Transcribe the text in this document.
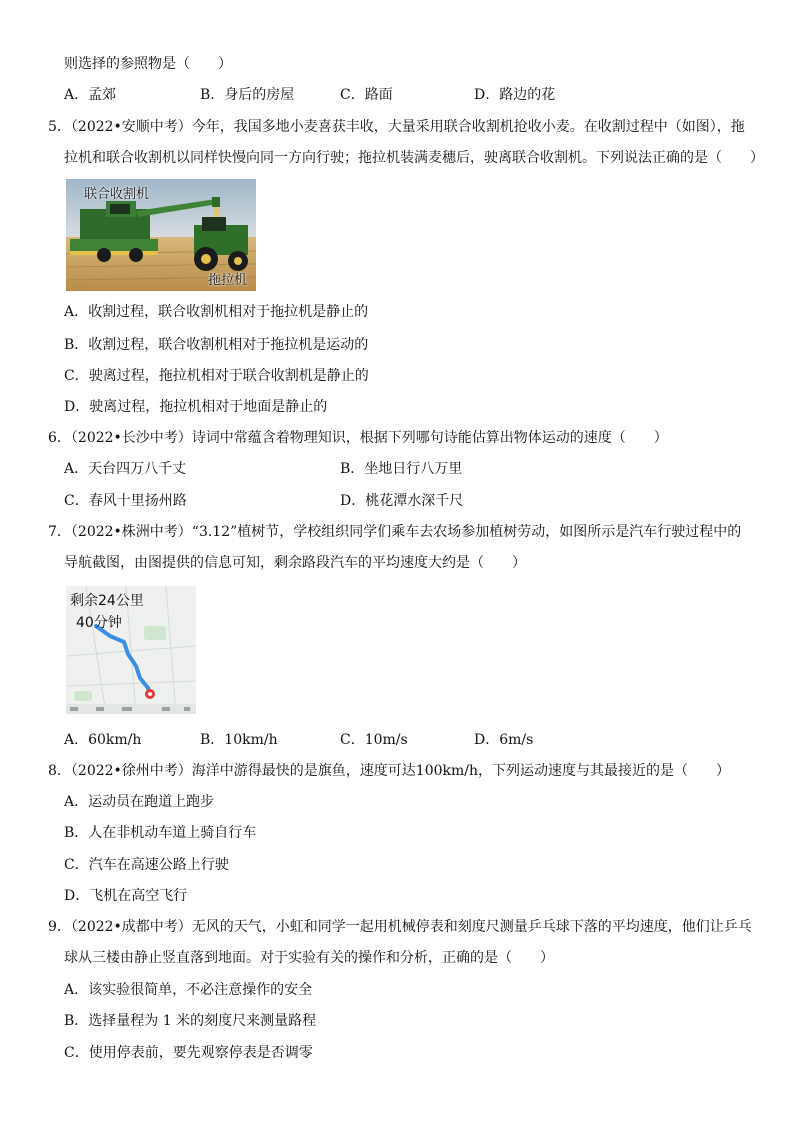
则选择的参照物是（　　）
A．孟郊	B．身后的房屋	C．路面	D．路边的花
5．（2022•安顺中考）今年，我国多地小麦喜获丰收，大量采用联合收割机抢收小麦。在收割过程中（如图），拖
拉机和联合收割机以同样快慢向同一方向行驶；拖拉机装满麦穗后，驶离联合收割机。下列说法正确的是（　　）
联合收割机
拖拉机
A．收割过程，联合收割机相对于拖拉机是静止的
B．收割过程，联合收割机相对于拖拉机是运动的
C．驶离过程，拖拉机相对于联合收割机是静止的
D．驶离过程，拖拉机相对于地面是静止的
6．（2022•长沙中考）诗词中常蕴含着物理知识，根据下列哪句诗能估算出物体运动的速度（　　）
A．天台四万八千丈	B．坐地日行八万里
C．春风十里扬州路	D．桃花潭水深千尺
7．（2022•株洲中考）“3.12”植树节，学校组织同学们乘车去农场参加植树劳动，如图所示是汽车行驶过程中的
导航截图，由图提供的信息可知，剩余路段汽车的平均速度大约是（　　）
剩余24公里
40分钟
A．60km/h	B．10km/h	C．10m/s	D．6m/s
8．（2022•徐州中考）海洋中游得最快的是旗鱼，速度可达100km/h，下列运动速度与其最接近的是（　　）
A．运动员在跑道上跑步
B．人在非机动车道上骑自行车
C．汽车在高速公路上行驶
D．飞机在高空飞行
9．（2022•成都中考）无风的天气，小虹和同学一起用机械停表和刻度尺测量乒乓球下落的平均速度，他们让乒乓
球从三楼由静止竖直落到地面。对于实验有关的操作和分析，正确的是（　　）
A．该实验很简单，不必注意操作的安全
B．选择量程为 1 米的刻度尺来测量路程
C．使用停表前，要先观察停表是否调零
